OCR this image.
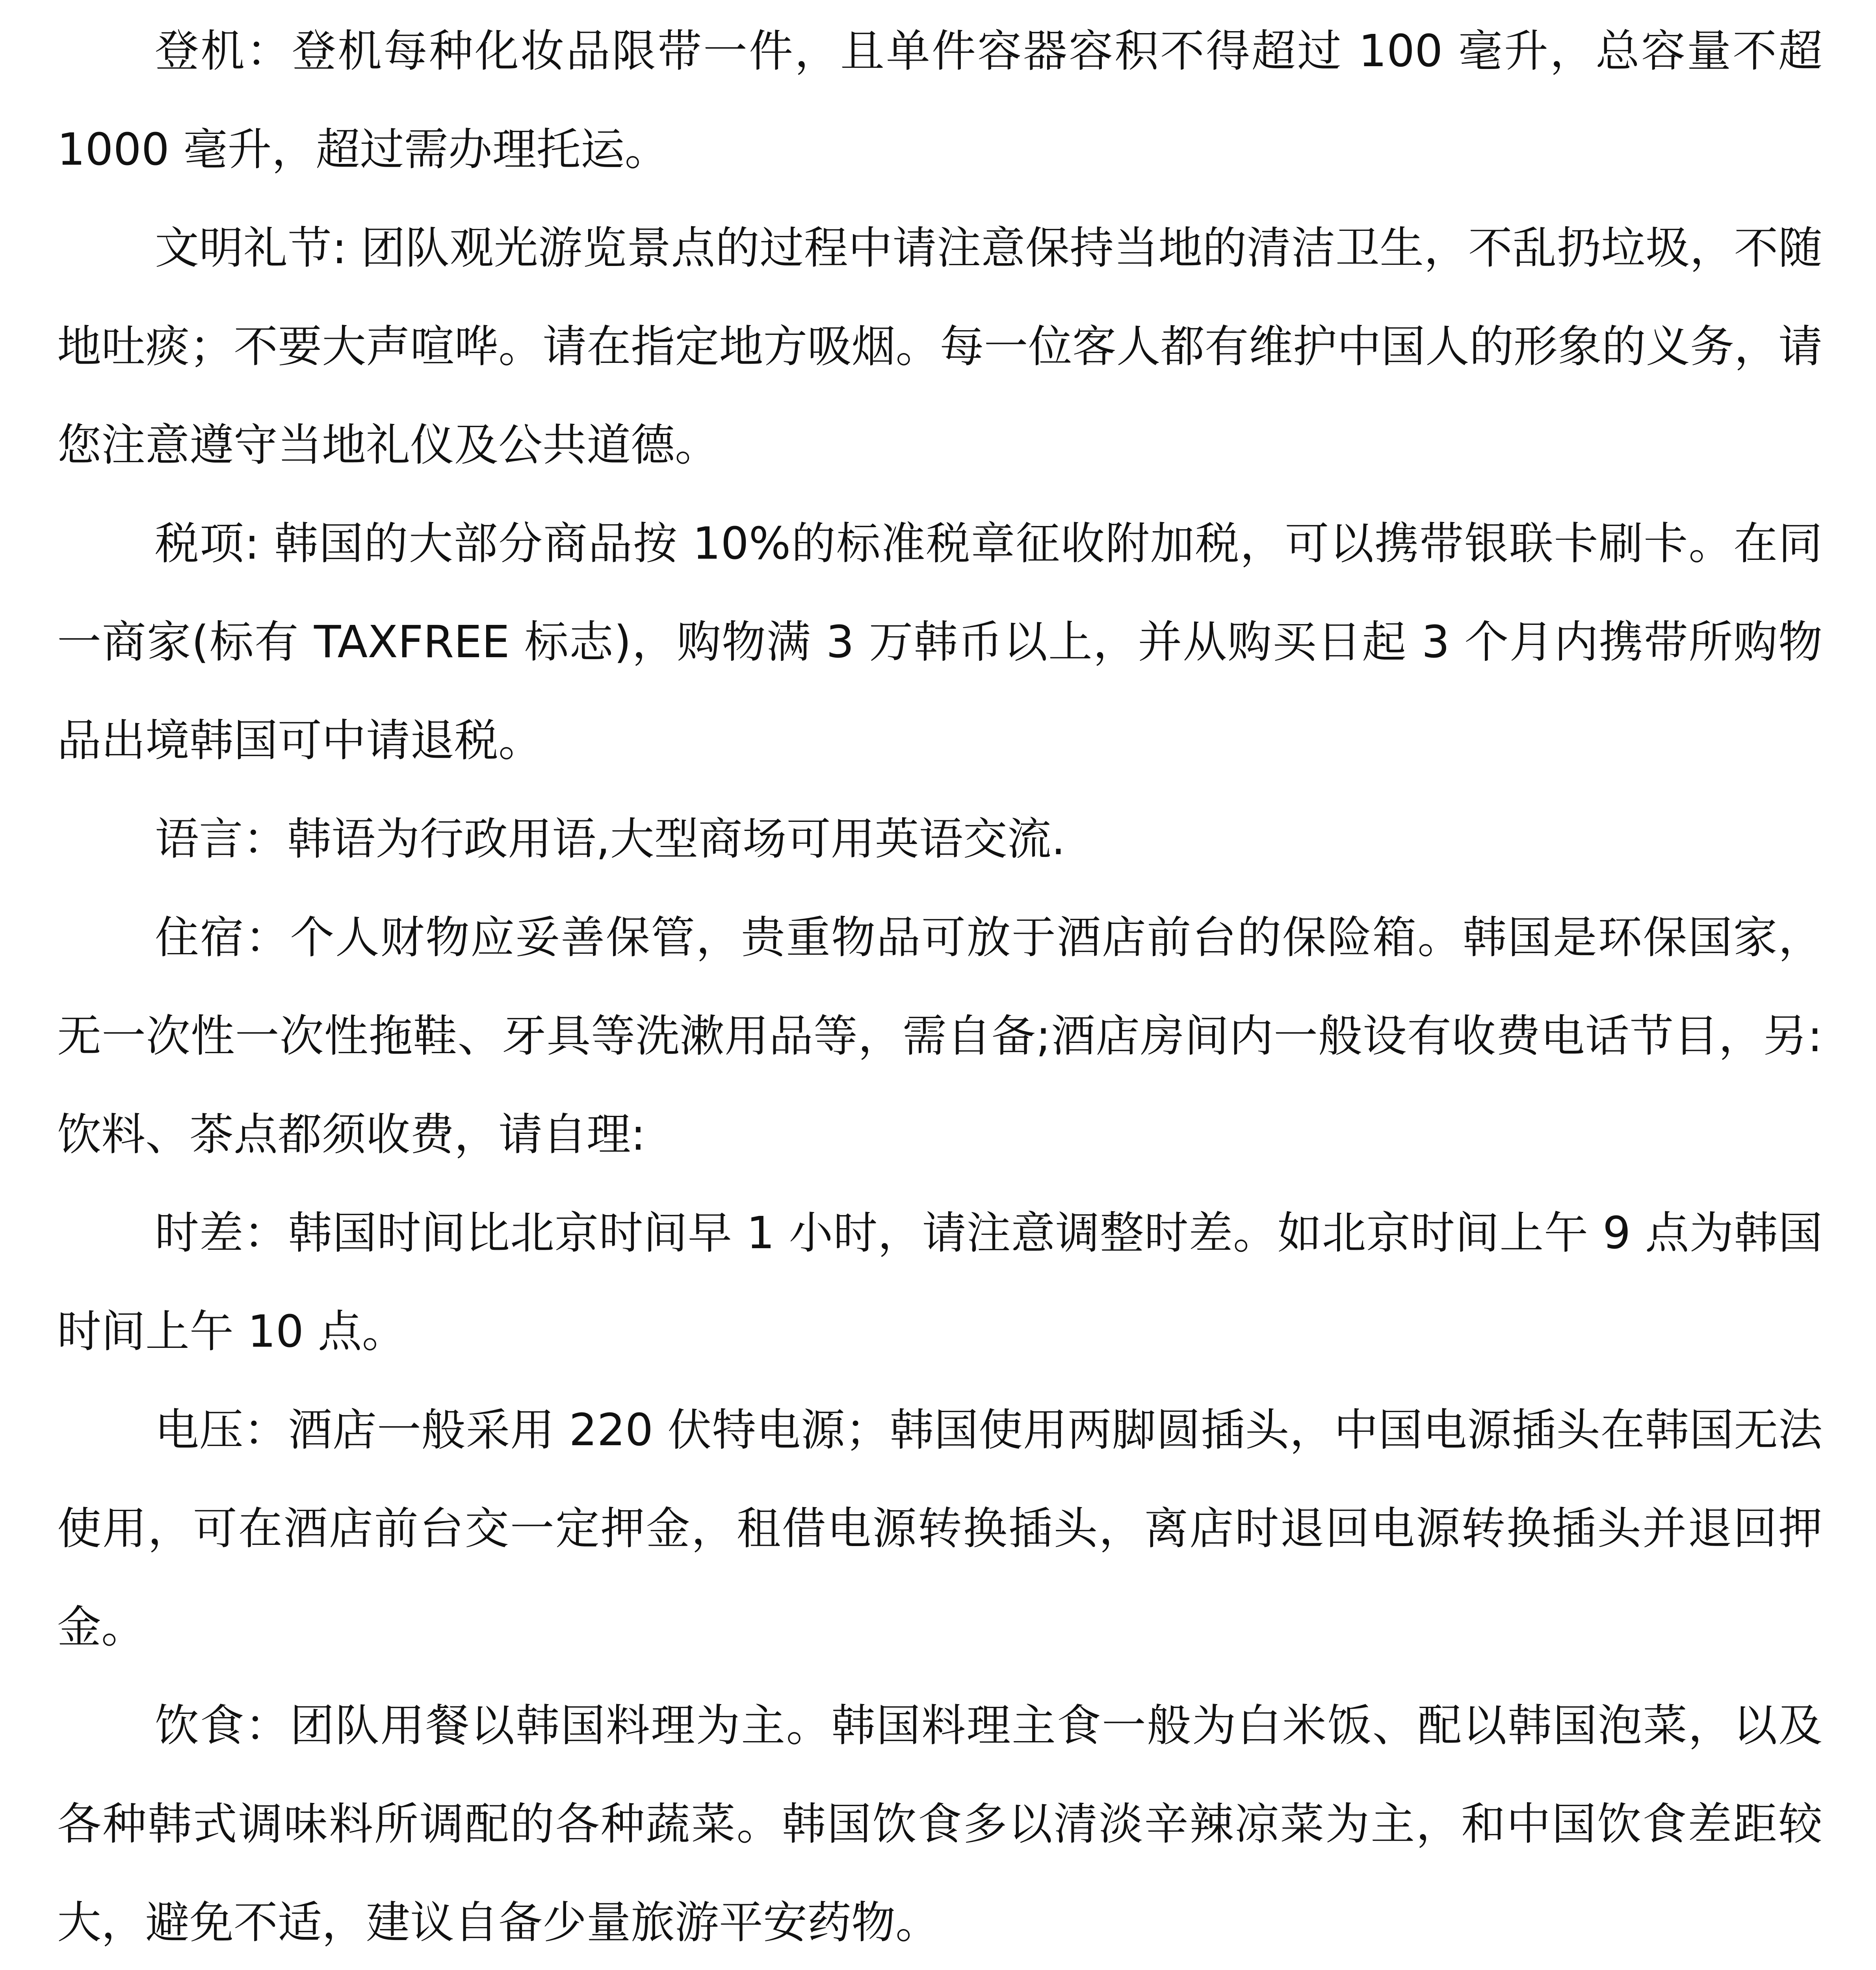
登机：登机每种化妆品限带一件，且单件容器容积不得超过 100 毫升，总容量不超 1000 毫升，超过需办理托运。

文明礼节: 团队观光游览景点的过程中请注意保持当地的清洁卫生，不乱扔垃圾，不随地吐痰；不要大声喧哗。请在指定地方吸烟。每一位客人都有维护中国人的形象的义务，请您注意遵守当地礼仪及公共道德。

税项: 韩国的大部分商品按 10%的标准税章征收附加税，可以携带银联卡刷卡。在同一商家(标有 TAXFREE 标志)，购物满 3 万韩币以上，并从购买日起 3 个月内携带所购物品出境韩国可中请退税。

语言：韩语为行政用语,大型商场可用英语交流.

住宿：个人财物应妥善保管，贵重物品可放于酒店前台的保险箱。韩国是环保国家，无一次性一次性拖鞋、牙具等洗漱用品等，需自备;酒店房间内一般设有收费电话节目，另:饮料、茶点都须收费，请自理:

时差：韩国时间比北京时间早 1 小时，请注意调整时差。如北京时间上午 9 点为韩国时间上午 10 点。

电压：酒店一般采用 220 伏特电源；韩国使用两脚圆插头，中国电源插头在韩国无法使用，可在酒店前台交一定押金，租借电源转换插头，离店时退回电源转换插头并退回押金。

饮食：团队用餐以韩国料理为主。韩国料理主食一般为白米饭、配以韩国泡菜，以及各种韩式调味料所调配的各种蔬菜。韩国饮食多以清淡辛辣凉菜为主，和中国饮食差距较大，避免不适，建议自备少量旅游平安药物。
